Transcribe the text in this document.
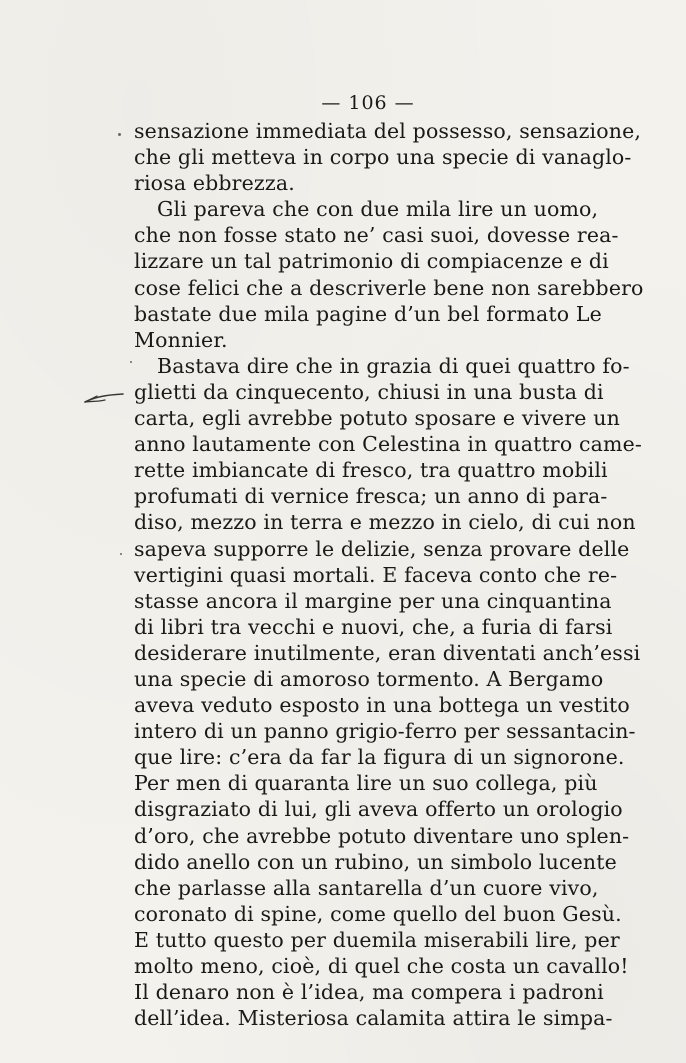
— 106 —
sensazione immediata del possesso, sensazione,
che gli metteva in corpo una specie di vanaglo-
riosa ebbrezza.
Gli pareva che con due mila lire un uomo,
che non fosse stato ne’ casi suoi, dovesse rea-
lizzare un tal patrimonio di compiacenze e di
cose felici che a descriverle bene non sarebbero
bastate due mila pagine d’un bel formato Le
Monnier.
Bastava dire che in grazia di quei quattro fo-
glietti da cinquecento, chiusi in una busta di
carta, egli avrebbe potuto sposare e vivere un
anno lautamente con Celestina in quattro came-
rette imbiancate di fresco, tra quattro mobili
profumati di vernice fresca; un anno di para-
diso, mezzo in terra e mezzo in cielo, di cui non
sapeva supporre le delizie, senza provare delle
vertigini quasi mortali. E faceva conto che re-
stasse ancora il margine per una cinquantina
di libri tra vecchi e nuovi, che, a furia di farsi
desiderare inutilmente, eran diventati anch’essi
una specie di amoroso tormento. A Bergamo
aveva veduto esposto in una bottega un vestito
intero di un panno grigio-ferro per sessantacin-
que lire: c’era da far la figura di un signorone.
Per men di quaranta lire un suo collega, più
disgraziato di lui, gli aveva offerto un orologio
d’oro, che avrebbe potuto diventare uno splen-
dido anello con un rubino, un simbolo lucente
che parlasse alla santarella d’un cuore vivo,
coronato di spine, come quello del buon Gesù.
E tutto questo per duemila miserabili lire, per
molto meno, cioè, di quel che costa un cavallo!
Il denaro non è l’idea, ma compera i padroni
dell’idea. Misteriosa calamita attira le simpa-
